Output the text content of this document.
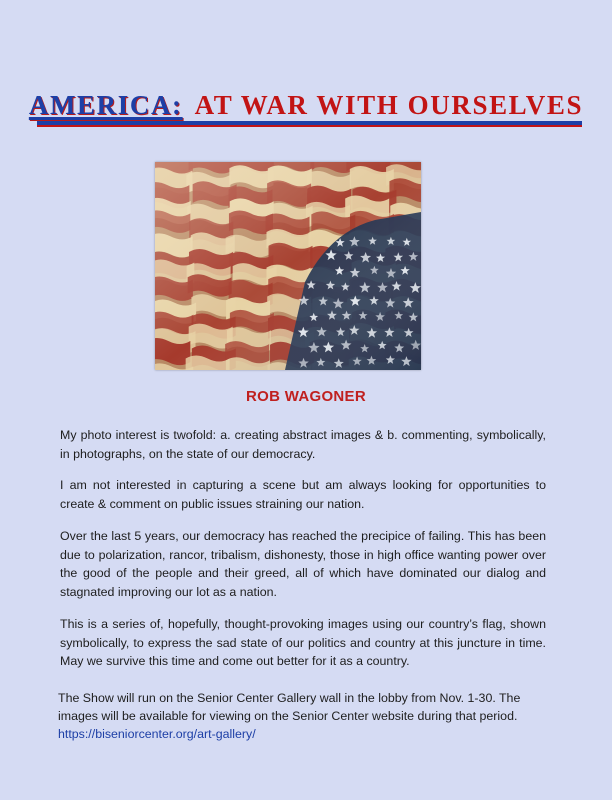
AMERICA: AT WAR WITH OURSELVES
ROB WAGONER

My photo interest is twofold: a. creating abstract images & b. commenting, symbolically, in photographs, on the state of our democracy.

I am not interested in capturing a scene but am always looking for opportunities to create & comment on public issues straining our nation.

Over the last 5 years, our democracy has reached the precipice of failing. This has been due to polarization, rancor, tribalism, dishonesty, those in high office wanting power over the good of the people and their greed, all of which have dominated our dialog and stagnated improving our lot as a nation.

This is a series of, hopefully, thought-provoking images using our country’s flag, shown symbolically, to express the sad state of our politics and country at this juncture in time. May we survive this time and come out better for it as a country.

The Show will run on the Senior Center Gallery wall in the lobby from Nov. 1-30. The images will be available for viewing on the Senior Center website during that period.
https://biseniorcenter.org/art-gallery/
